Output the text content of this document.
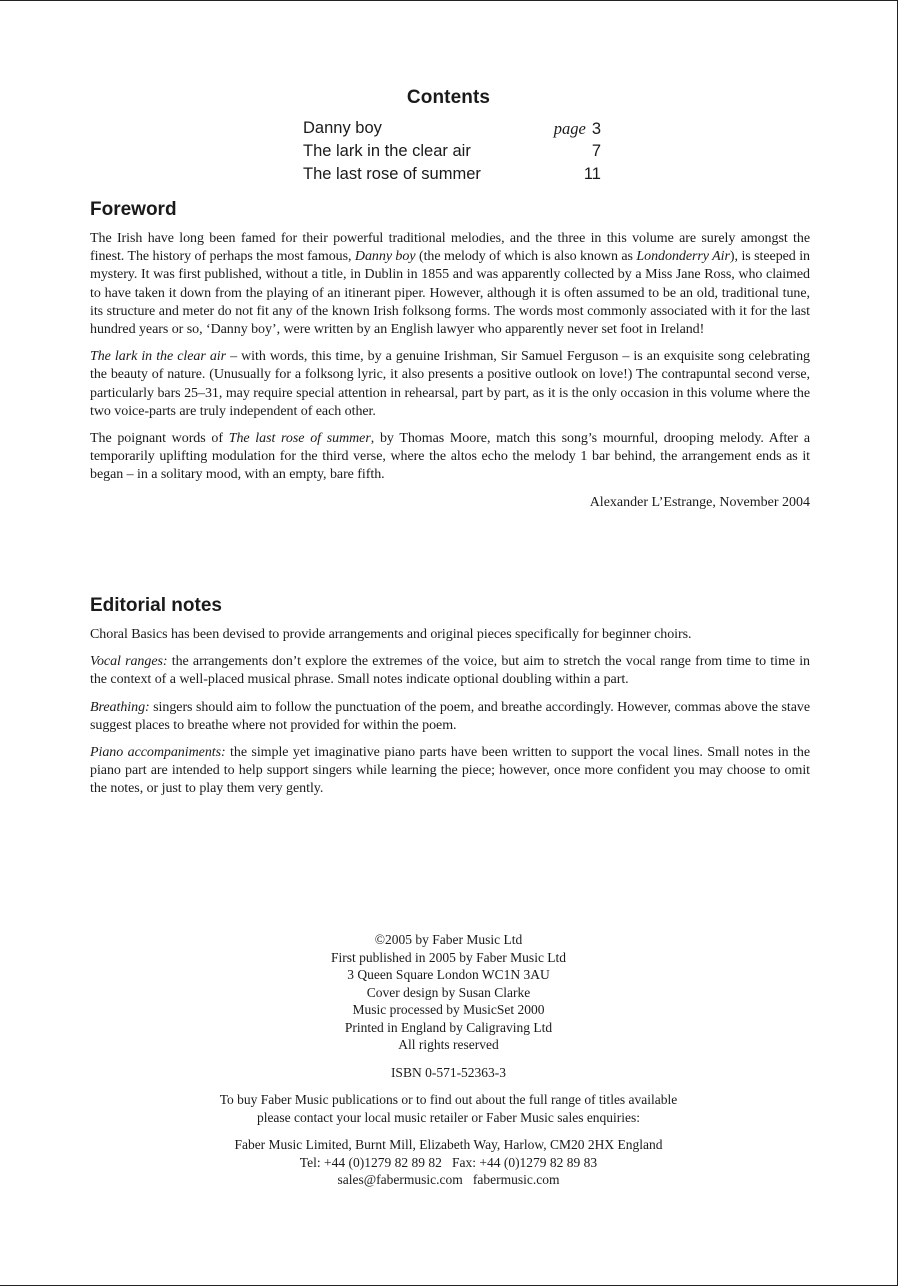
Contents
Danny boy	page 3
The lark in the clear air	7
The last rose of summer	11
Foreword

The Irish have long been famed for their powerful traditional melodies, and the three in this volume are surely amongst the finest. The history of perhaps the most famous, Danny boy (the melody of which is also known as Londonderry Air), is steeped in mystery. It was first published, without a title, in Dublin in 1855 and was apparently collected by a Miss Jane Ross, who claimed to have taken it down from the playing of an itinerant piper. However, although it is often assumed to be an old, traditional tune, its structure and meter do not fit any of the known Irish folksong forms. The words most commonly associated with it for the last hundred years or so, ‘Danny boy’, were written by an English lawyer who apparently never set foot in Ireland!

The lark in the clear air – with words, this time, by a genuine Irishman, Sir Samuel Ferguson – is an exquisite song celebrating the beauty of nature. (Unusually for a folksong lyric, it also presents a positive outlook on love!) The contrapuntal second verse, particularly bars 25–31, may require special attention in rehearsal, part by part, as it is the only occasion in this volume where the two voice-parts are truly independent of each other.

The poignant words of The last rose of summer, by Thomas Moore, match this song’s mournful, drooping melody. After a temporarily uplifting modulation for the third verse, where the altos echo the melody 1 bar behind, the arrangement ends as it began – in a solitary mood, with an empty, bare fifth.

Alexander L’Estrange, November 2004
Editorial notes

Choral Basics has been devised to provide arrangements and original pieces specifically for beginner choirs.

Vocal ranges: the arrangements don’t explore the extremes of the voice, but aim to stretch the vocal range from time to time in the context of a well-placed musical phrase. Small notes indicate optional doubling within a part.

Breathing: singers should aim to follow the punctuation of the poem, and breathe accordingly. However, commas above the stave suggest places to breathe where not provided for within the poem.

Piano accompaniments: the simple yet imaginative piano parts have been written to support the vocal lines. Small notes in the piano part are intended to help support singers while learning the piece; however, once more confident you may choose to omit the notes, or just to play them very gently.

©2005 by Faber Music Ltd
First published in 2005 by Faber Music Ltd
3 Queen Square London WC1N 3AU
Cover design by Susan Clarke
Music processed by MusicSet 2000
Printed in England by Caligraving Ltd
All rights reserved
ISBN 0-571-52363-3
To buy Faber Music publications or to find out about the full range of titles available
please contact your local music retailer or Faber Music sales enquiries:
Faber Music Limited, Burnt Mill, Elizabeth Way, Harlow, CM20 2HX England
Tel: +44 (0)1279 82 89 82 Fax: +44 (0)1279 82 89 83
sales@fabermusic.com fabermusic.com
